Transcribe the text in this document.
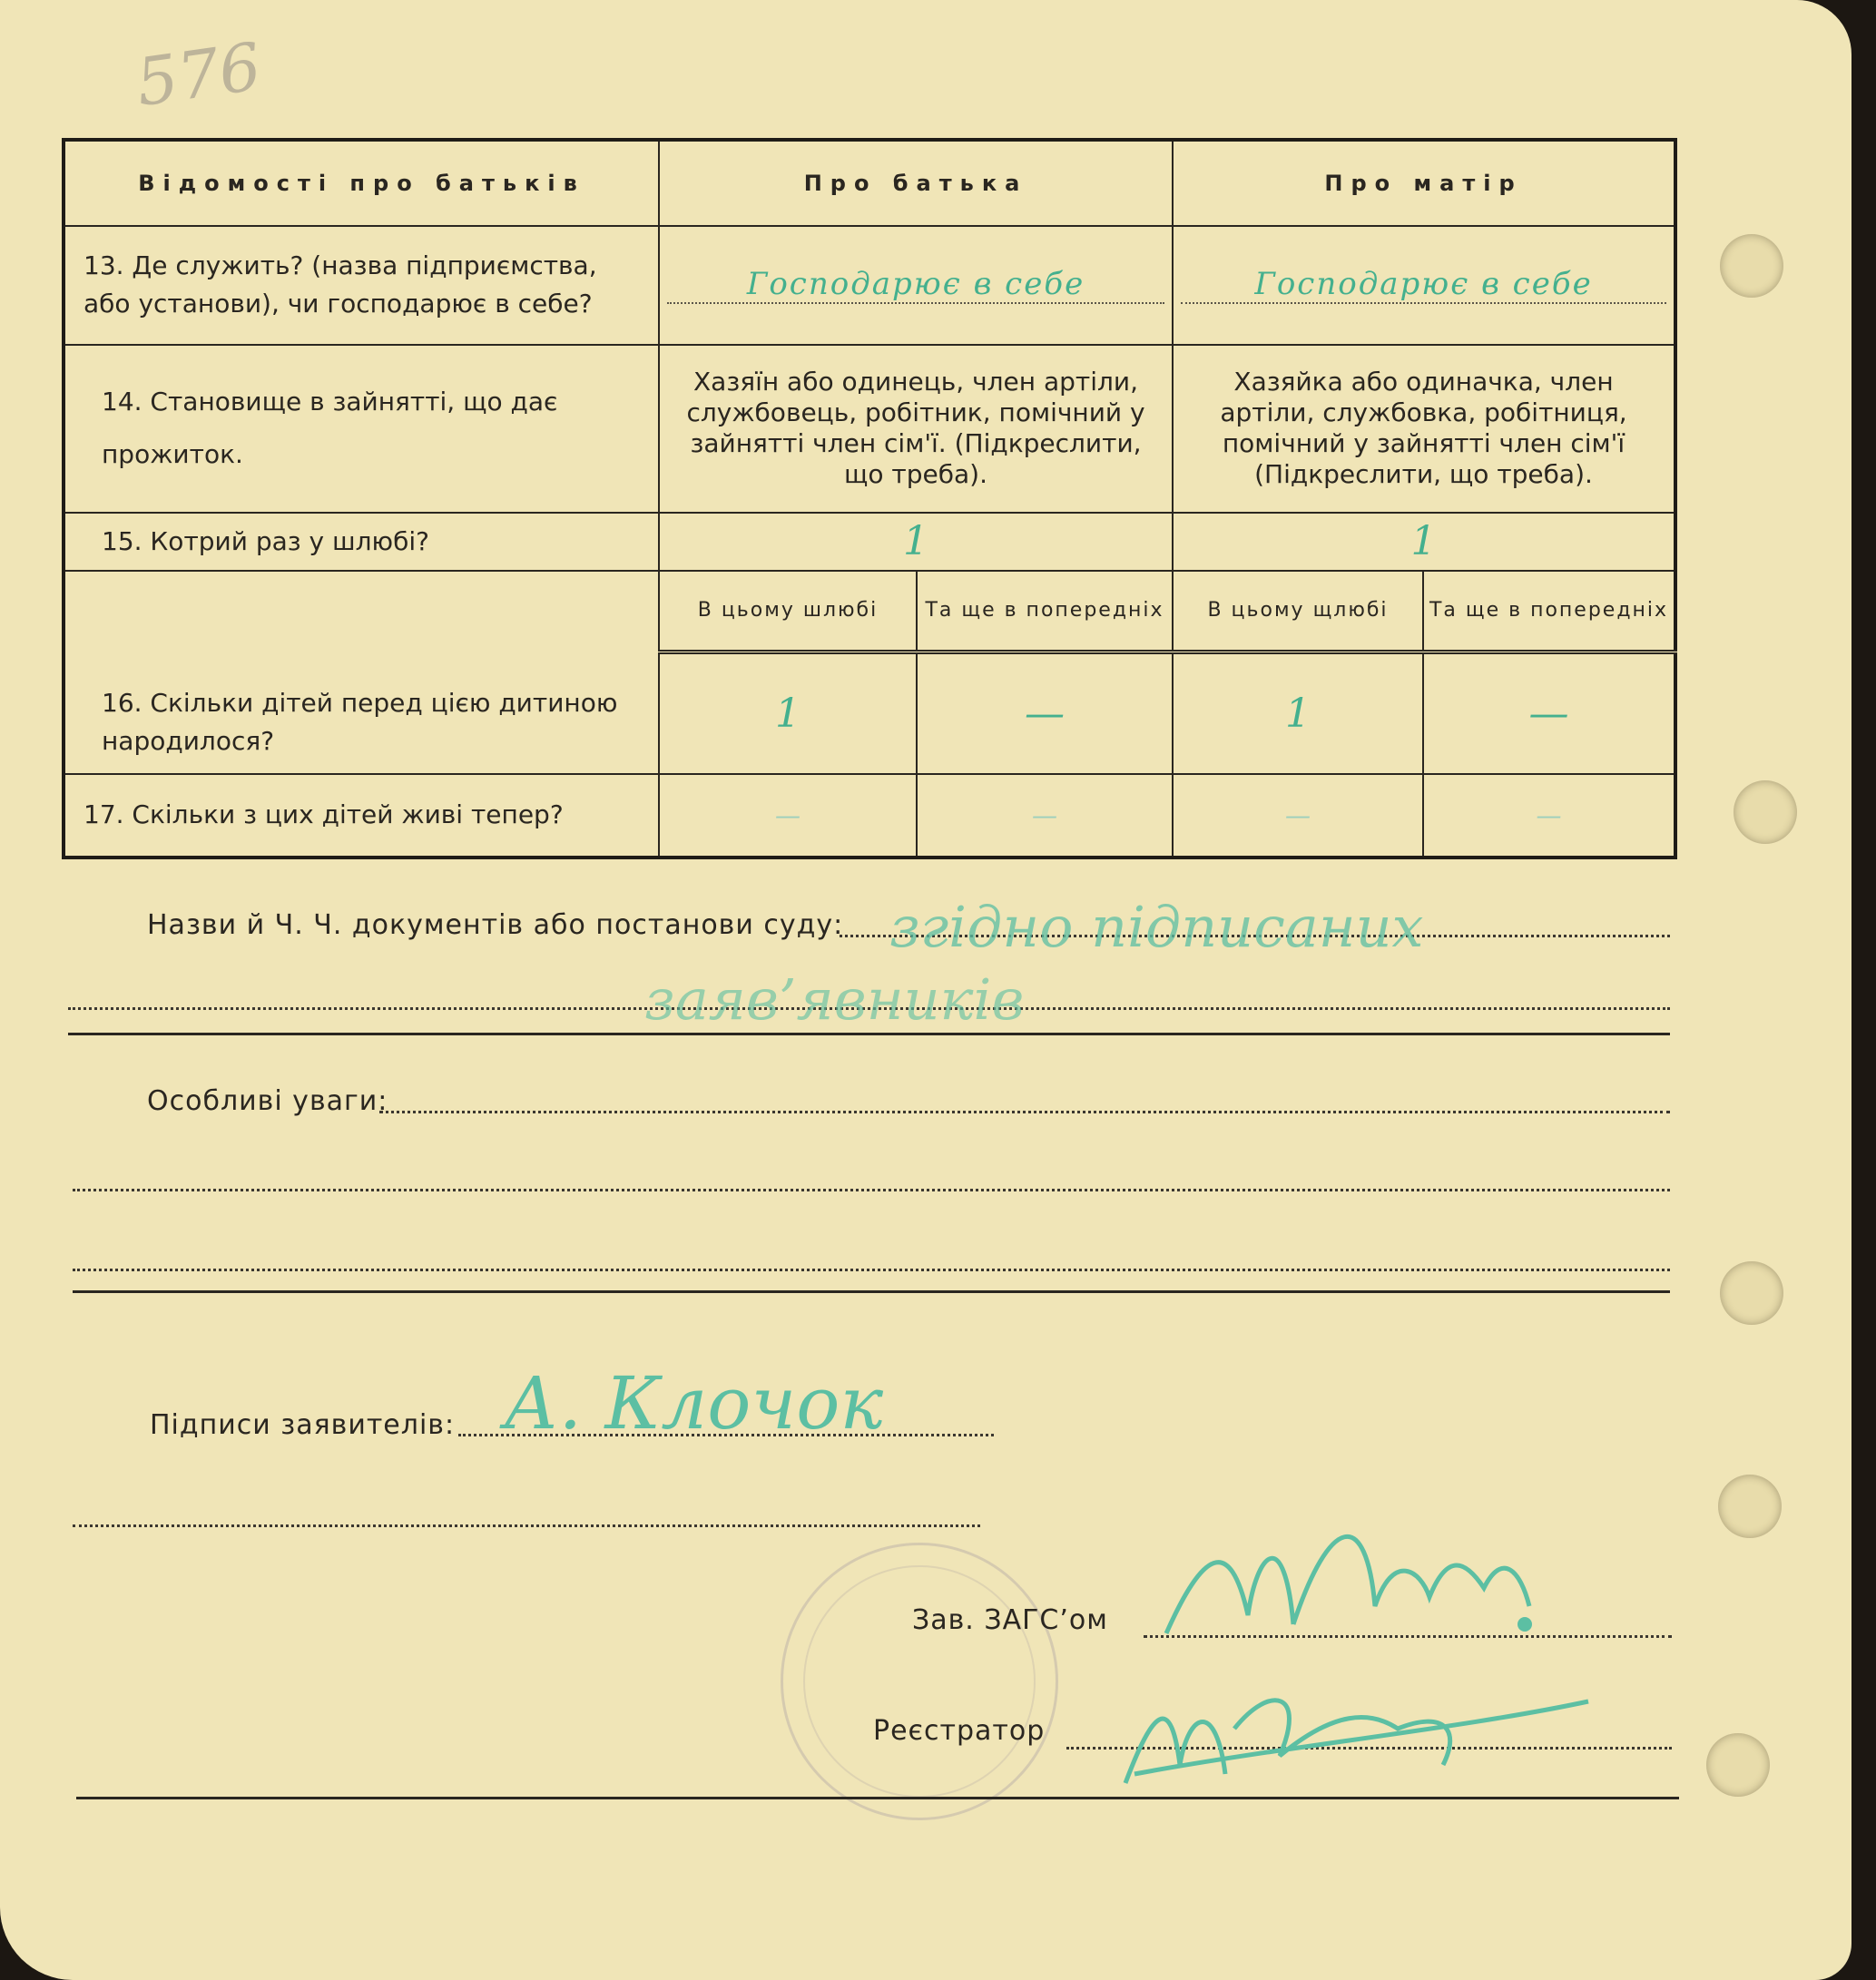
576
Відомості про батьків	Про батька		Про матір	
13. Де служить? (назва підприємства, або установи), чи господарює в себе?	Господарює в себе		Господарює в себе	

14. Становище в зайнятті, що дає прожиток.	Хазяїн або одинець, член артіли, службовець, робітник, помічний у зайнятті член сім'ї. (Підкреслити, що треба).		Хазяйка або одиначка, член артіли, службовка, робітниця, помічний у зайнятті член сім'ї (Підкреслити, що треба).	
15. Котрий раз у шлюбі?	1		1	
16. Скільки дітей перед цією дитиною народилося?	В цьому шлюбі	Та ще в попередніх	В цьому щлюбі	Та ще в попередніх
	1	—	1	—
17. Скільки з цих дітей живі тепер?	—	—	—	—
Назви й Ч. Ч. документів або постанови суду: згідно підписаних
заяв’явників
Особливі уваги:
Підписи заявителів: А. Клочок
Зав. ЗАГС’ом
Реєстратор
